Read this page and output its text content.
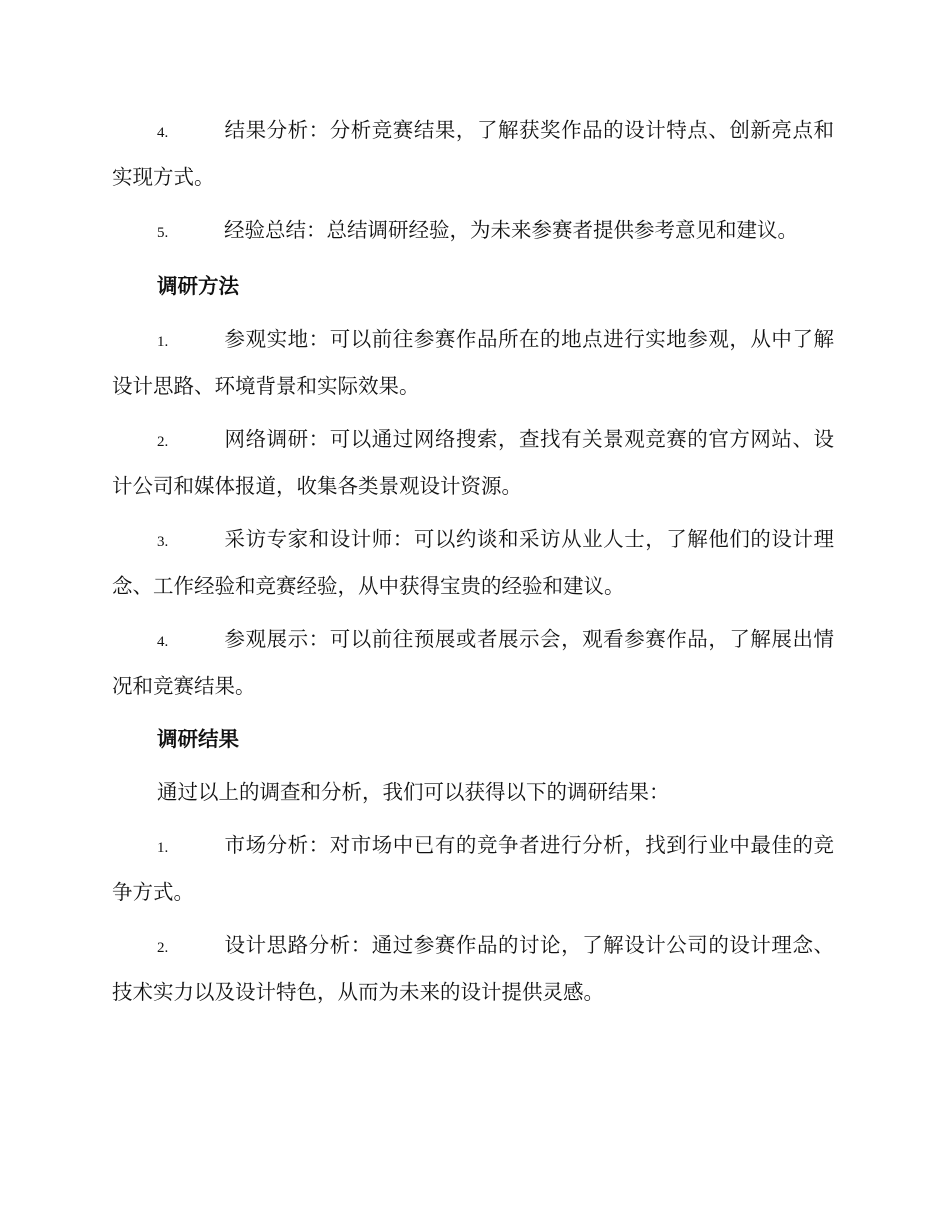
4.	结果分析：分析竞赛结果，了解获奖作品的设计特点、创新亮点和实现方式。
5.	经验总结：总结调研经验，为未来参赛者提供参考意见和建议。
调研方法
1.	参观实地：可以前往参赛作品所在的地点进行实地参观，从中了解设计思路、环境背景和实际效果。
2.	网络调研：可以通过网络搜索，查找有关景观竞赛的官方网站、设计公司和媒体报道，收集各类景观设计资源。
3.	采访专家和设计师：可以约谈和采访从业人士，了解他们的设计理念、工作经验和竞赛经验，从中获得宝贵的经验和建议。
4.	参观展示：可以前往预展或者展示会，观看参赛作品，了解展出情况和竞赛结果。
调研结果
通过以上的调查和分析，我们可以获得以下的调研结果：
1.	市场分析：对市场中已有的竞争者进行分析，找到行业中最佳的竞争方式。
2.	设计思路分析：通过参赛作品的讨论，了解设计公司的设计理念、技术实力以及设计特色，从而为未来的设计提供灵感。
